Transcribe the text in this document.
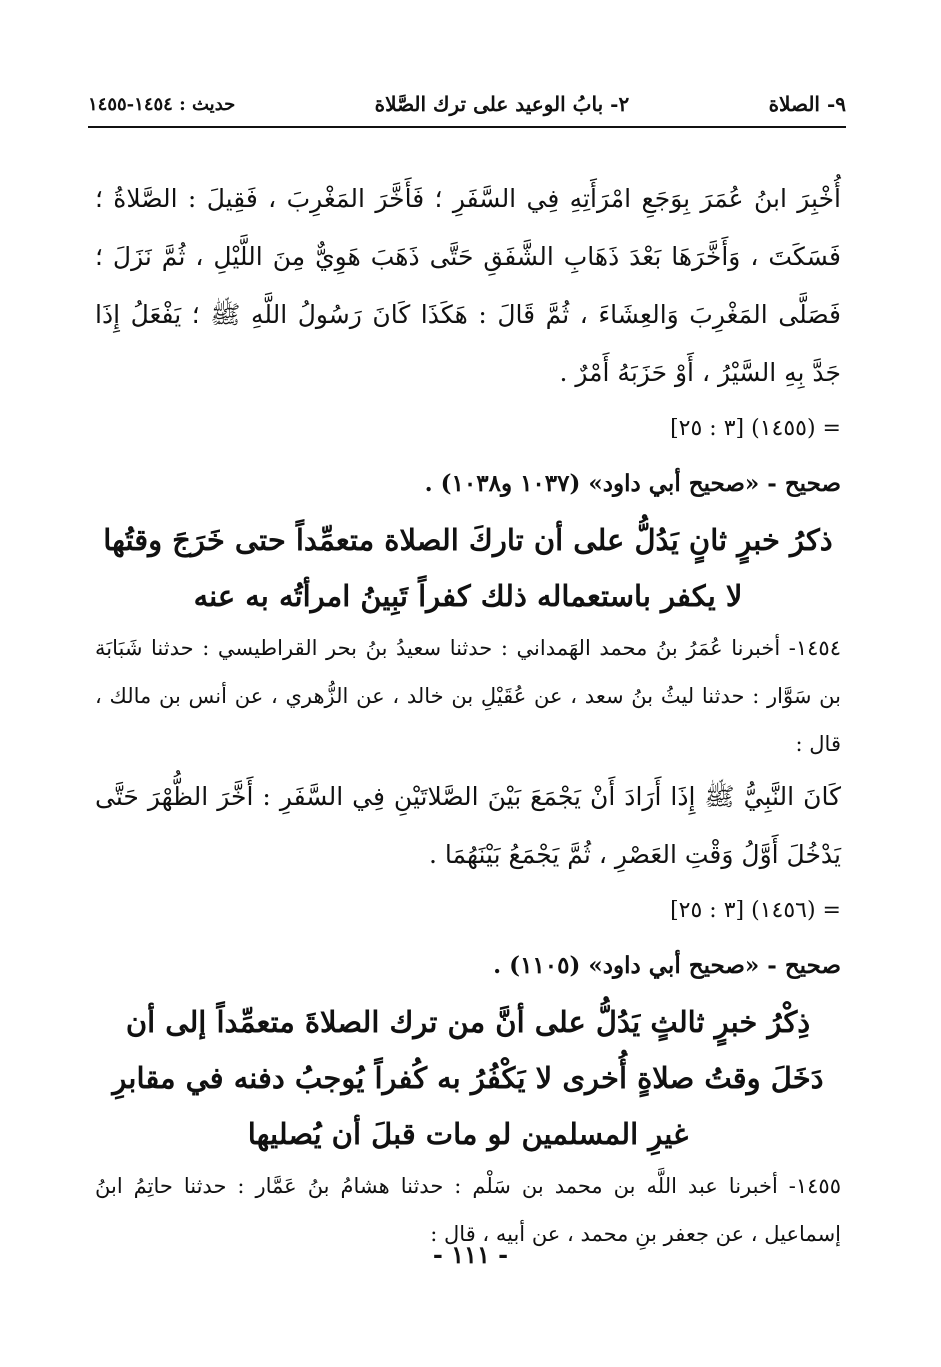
٩- الصلاة
٢- بابُ الوعيد على ترك الصَّلاة
حديث : ١٤٥٤-١٤٥٥

أُخْبِرَ ابنُ عُمَرَ بِوَجَعِ امْرَأَتِهِ فِي السَّفَرِ ؛ فَأَخَّرَ المَغْرِبَ ، فَقِيلَ : الصَّلاةُ ؛ فَسَكَتَ ، وَأَخَّرَهَا بَعْدَ ذَهَابِ الشَّفَقِ حَتَّى ذَهَبَ هَوِيٌّ مِنَ اللَّيْلِ ، ثُمَّ نَزَلَ ؛ فَصَلَّى المَغْرِبَ وَالعِشَاءَ ، ثُمَّ قَالَ : هَكَذَا كَانَ رَسُولُ اللَّهِ ﷺ ؛ يَفْعَلُ إِذَا جَدَّ بِهِ السَّيْرُ ، أَوْ حَزَبَهُ أَمْرٌ .

= (١٤٥٥) [٣ : ٢٥]

صحيح - «صحيح أبي داود» (١٠٣٧ و١٠٣٨) .

ذكرُ خبرٍ ثانٍ يَدُلُّ على أن تاركَ الصلاة متعمِّداً حتى خَرَجَ وقتُها لا يكفر باستعماله ذلك كفراً تَبِينُ امرأتُه به عنه

١٤٥٤- أخبرنا عُمَرُ بنُ محمد الهَمداني : حدثنا سعيدُ بنُ بحر القراطيسي : حدثنا شَبَابَة بن سَوَّار : حدثنا ليثُ بنُ سعد ، عن عُقَيْلِ بن خالد ، عن الزُّهري ، عن أنس بن مالك ، قال :

كَانَ النَّبِيُّ ﷺ إِذَا أَرَادَ أَنْ يَجْمَعَ بَيْنَ الصَّلاتَيْنِ فِي السَّفَرِ : أَخَّرَ الظُّهْرَ حَتَّى يَدْخُلَ أَوَّلُ وَقْتِ العَصْرِ ، ثُمَّ يَجْمَعُ بَيْنَهُمَا .

= (١٤٥٦) [٣ : ٢٥]

صحيح - «صحيح أبي داود» (١١٠٥) .

ذِكْرُ خبرٍ ثالثٍ يَدُلُّ على أنَّ من ترك الصلاةَ متعمِّداً إلى أن دَخَلَ وقتُ صلاةٍ أُخرى لا يَكْفُرُ به كُفراً يُوجبُ دفنه في مقابرِ غيرِ المسلمين لو مات قبلَ أن يُصليها

١٤٥٥- أخبرنا عبد اللَّه بن محمد بن سَلْم : حدثنا هشامُ بنُ عَمَّار : حدثنا حاتِمُ ابنُ إسماعيل ، عن جعفر بنِ محمد ، عن أبيه ، قال :

- ١١١ -
